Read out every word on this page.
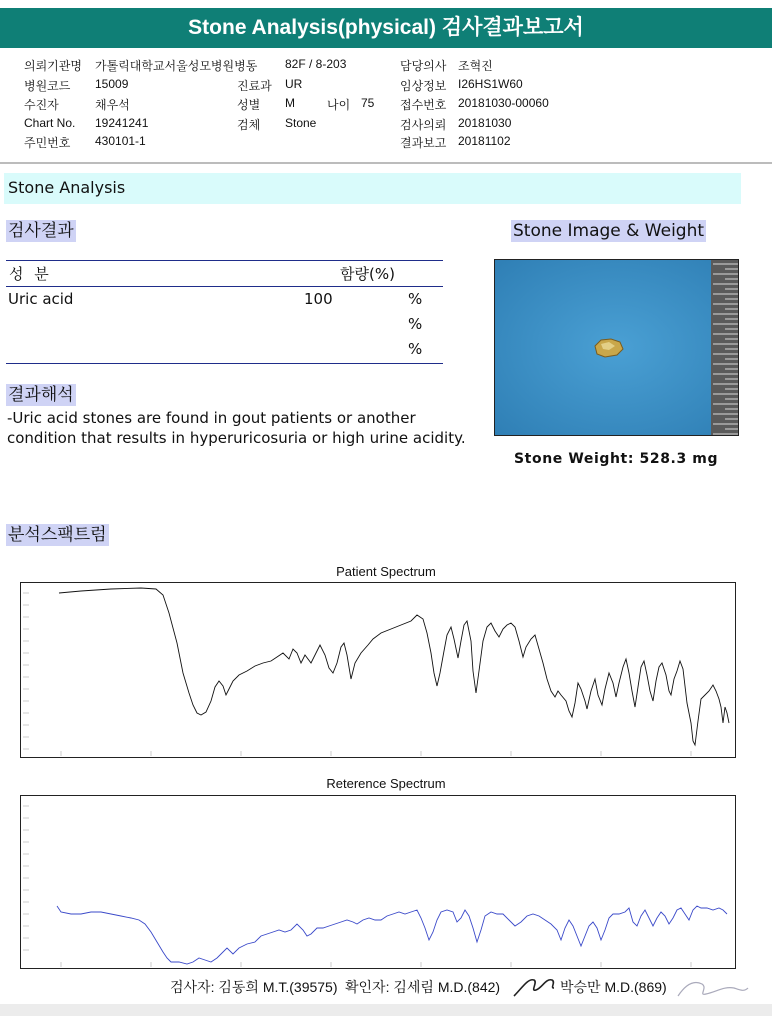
Stone Analysis(physical) 검사결과보고서
의뢰기관명 가톨릭대학교서울성모병원병동 82F / 8-203	담당의사 조혁진
병원코드 15009	진료과 UR	임상정보 I26HS1W60
수진자	채우석	성별 M	나이 75 접수번호 20181030-00060
Chart No. 19241241	검체 Stone	검사의뢰 20181030
주민번호 430101-1	결과보고 20181102
Stone Analysis
검사결과	Stone Image & Weight
성 분	함량(%)
Uric acid	100	%
%
%
결과해석
-Uric acid stones are found in gout patients or another condition that results in hyperuricosuria or high urine acidity.
Stone Weight: 528.3 mg
분석스팩트럼
Patient Spectrum
Reterence Spectrum
검사자: 김동희 M.T.(39575) 확인자: 김세림 M.D.(842)	박승만 M.D.(869)
